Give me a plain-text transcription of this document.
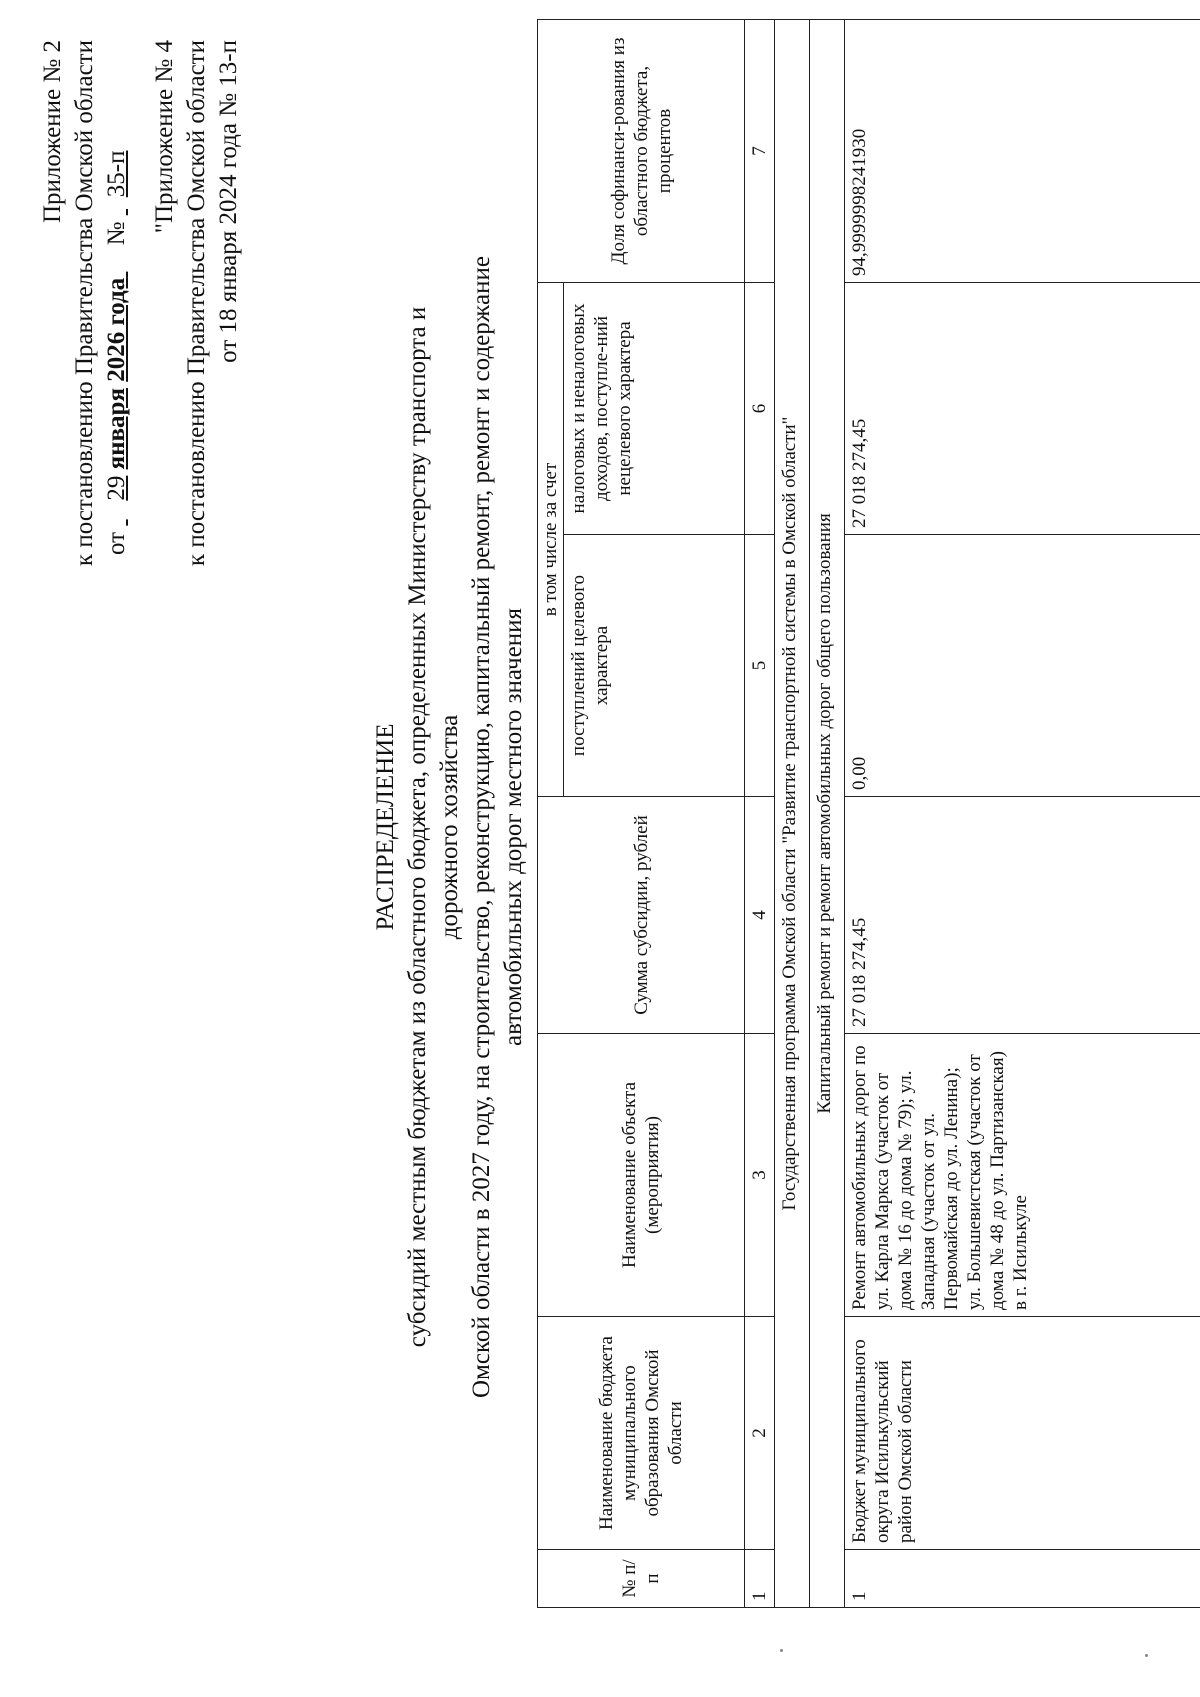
Приложение № 2 к постановлению Правительства Омской области от  29 января 2026 года   №  35-п "Приложение № 4 к постановлению Правительства Омской области от 18 января 2024 года № 13-п
РАСПРЕДЕЛЕНИЕ субсидий местным бюджетам из областного бюджета, определенных Министерству транспорта и дорожного хозяйства Омской области в 2027 году, на строительство, реконструкцию, капитальный ремонт, ремонт и содержание автомобильных дорог местного значения
№ п/п	Наименование бюджета муниципального образования Омской области	Наименование объекта (мероприятия)	Сумма субсидии, рублей	в том числе за счет		Доля софинанси-рования из областного бюджета, процентов
				поступлений целевого характера	налоговых и неналоговых доходов, поступле-ний нецелевого характера	
1	2	3	4	5	6	7
Государственная программа Омской области "Развитие транспортной системы в Омской области"						
Капитальный ремонт и ремонт автомобильных дорог общего пользования						
1	Бюджет муниципального округа Исилькульский район Омской области	Ремонт автомобильных дорог по ул. Карла Маркса (участок от дома № 16 до дома № 79); ул. Западная (участок от ул. Первомайская до ул. Ленина); ул. Большевистская (участок от дома № 48 до ул. Партизанская) в г. Исилькуле	27 018 274,45	0,00	27 018 274,45	94,9999998241930
